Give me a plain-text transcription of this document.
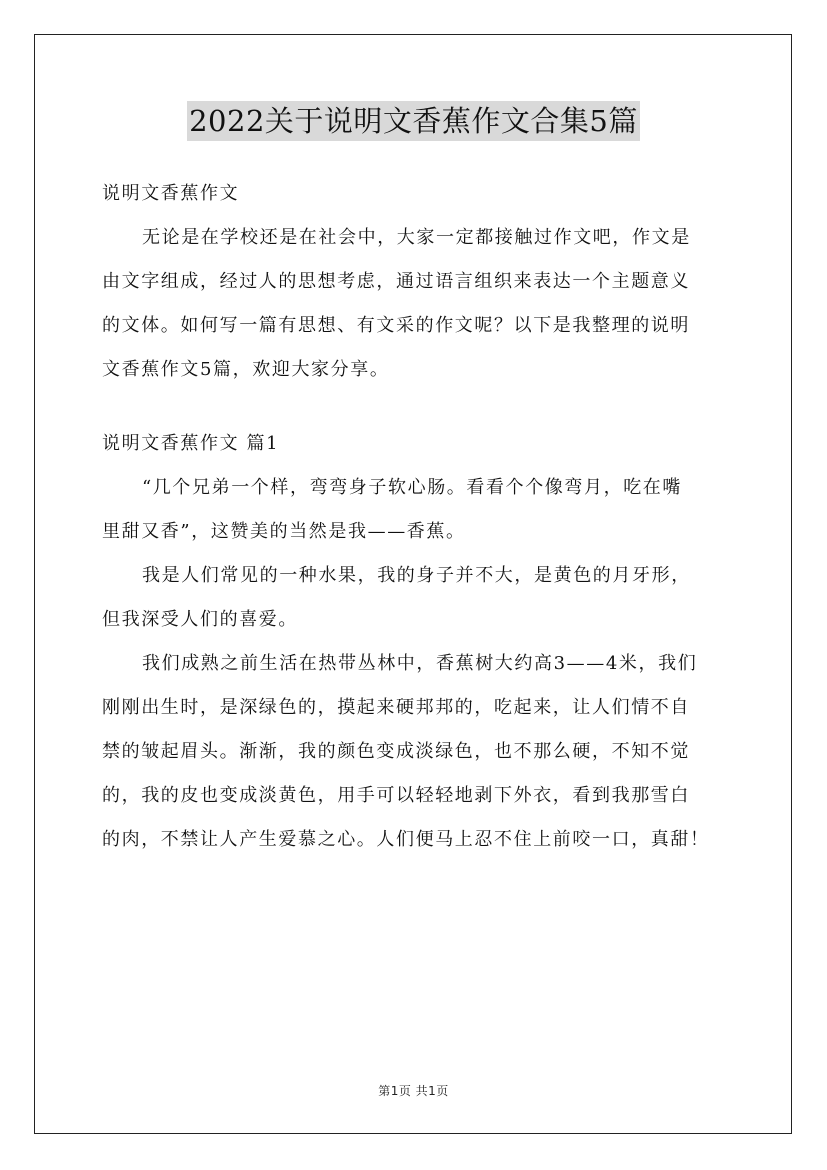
2022关于说明文香蕉作文合集5篇
说明文香蕉作文
无论是在学校还是在社会中，大家一定都接触过作文吧，作文是
由文字组成，经过人的思想考虑，通过语言组织来表达一个主题意义
的文体。如何写一篇有思想、有文采的作文呢？以下是我整理的说明
文香蕉作文5篇，欢迎大家分享。
说明文香蕉作文 篇1
“几个兄弟一个样，弯弯身子软心肠。看看个个像弯月，吃在嘴
里甜又香”，这赞美的当然是我——香蕉。
我是人们常见的一种水果，我的身子并不大，是黄色的月牙形，
但我深受人们的喜爱。
我们成熟之前生活在热带丛林中，香蕉树大约高3——4米，我们
刚刚出生时，是深绿色的，摸起来硬邦邦的，吃起来，让人们情不自
禁的皱起眉头。渐渐，我的颜色变成淡绿色，也不那么硬，不知不觉
的，我的皮也变成淡黄色，用手可以轻轻地剥下外衣，看到我那雪白
的肉，不禁让人产生爱慕之心。人们便马上忍不住上前咬一口，真甜！
第1页 共1页
